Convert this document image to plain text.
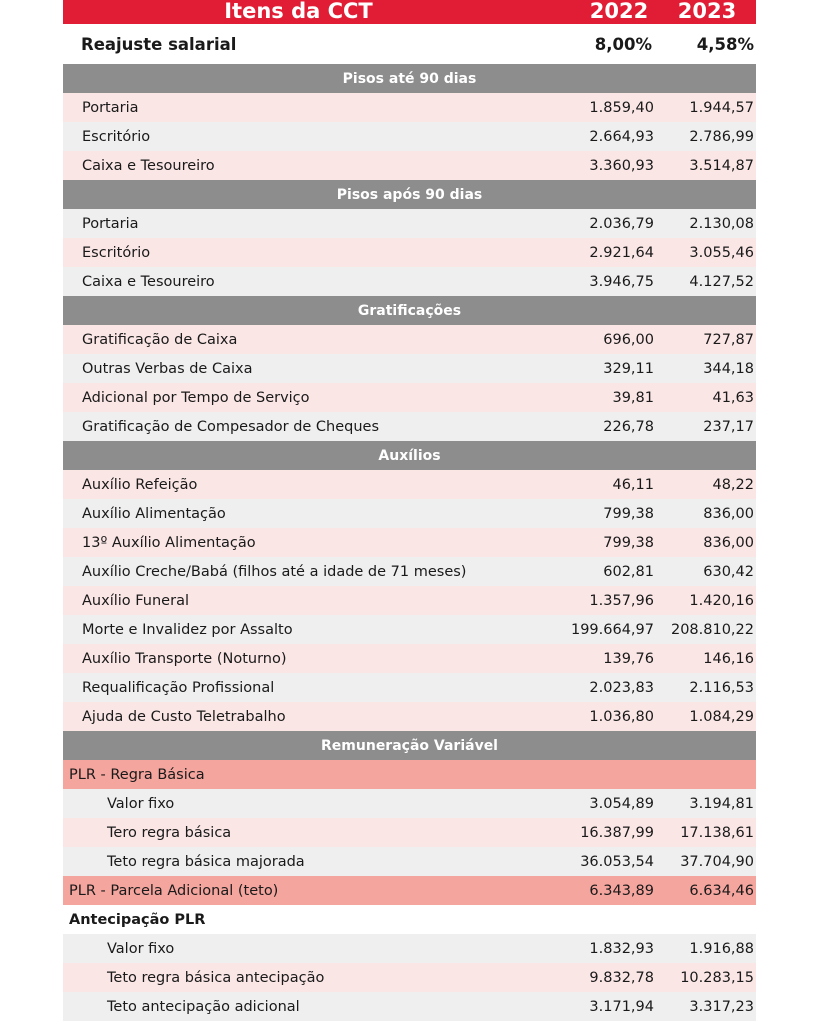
Itens da CCT	2022	2023
Reajuste salarial	8,00%	4,58%
Pisos até 90 dias
Portaria	1.859,40	1.944,57
Escritório	2.664,93	2.786,99
Caixa e Tesoureiro	3.360,93	3.514,87
Pisos após 90 dias
Portaria	2.036,79	2.130,08
Escritório	2.921,64	3.055,46
Caixa e Tesoureiro	3.946,75	4.127,52
Gratificações
Gratificação de Caixa	696,00	727,87
Outras Verbas de Caixa	329,11	344,18
Adicional por Tempo de Serviço	39,81	41,63
Gratificação de Compesador de Cheques	226,78	237,17
Auxílios
Auxílio Refeição	46,11	48,22
Auxílio Alimentação	799,38	836,00
13º Auxílio Alimentação	799,38	836,00
Auxílio Creche/Babá (filhos até a idade de 71 meses)	602,81	630,42
Auxílio Funeral	1.357,96	1.420,16
Morte e Invalidez por Assalto	199.664,97	208.810,22
Auxílio Transporte (Noturno)	139,76	146,16
Requalificação Profissional	2.023,83	2.116,53
Ajuda de Custo Teletrabalho	1.036,80	1.084,29
Remuneração Variável
PLR - Regra Básica
Valor fixo	3.054,89	3.194,81
Tero regra básica	16.387,99	17.138,61
Teto regra básica majorada	36.053,54	37.704,90
PLR - Parcela Adicional (teto)	6.343,89	6.634,46
Antecipação PLR
Valor fixo	1.832,93	1.916,88
Teto regra básica antecipação	9.832,78	10.283,15
Teto antecipação adicional	3.171,94	3.317,23
